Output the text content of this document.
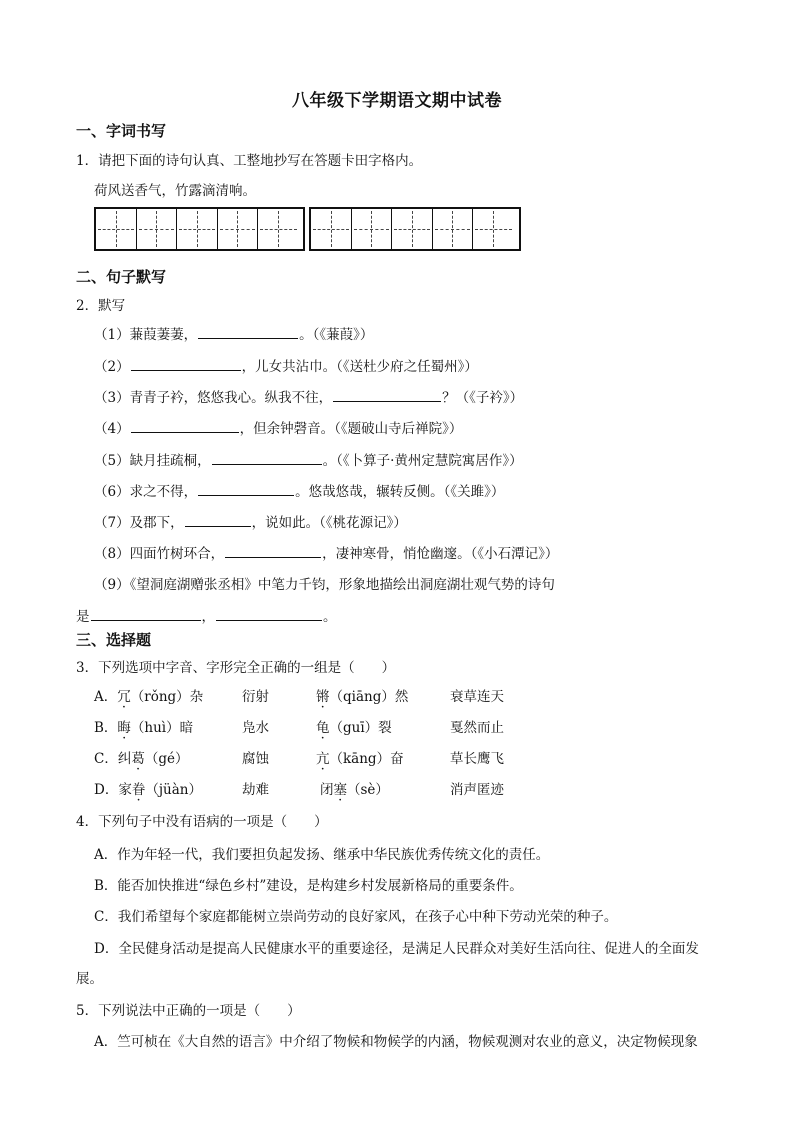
八年级下学期语文期中试卷
一、字词书写
1．请把下面的诗句认真、工整地抄写在答题卡田字格内。
荷风送香气，竹露滴清响。
二、句子默写
2．默写
（1）蒹葭萋萋，	。（《蒹葭》）
（2）	，儿女共沾巾。（《送杜少府之任蜀州》）
（3）青青子衿，悠悠我心。纵我不往，	？（《子衿》）
（4）	，但余钟磬音。（《题破山寺后禅院》）
（5）缺月挂疏桐，	。（《卜算子·黄州定慧院寓居作》）
（6）求之不得，	。悠哉悠哉，辗转反侧。（《关雎》）
（7）及郡下，	，说如此。（《桃花源记》）
（8）四面竹树环合，	，凄神寒骨，悄怆幽邃。（《小石潭记》）
（9）《望洞庭湖赠张丞相》中笔力千钧，形象地描绘出洞庭湖壮观气势的诗句
是	，	。
三、选择题
3．下列选项中字音、字形完全正确的一组是（　　）
A．冗（rǒng）杂	衍射	锵（qiāng）然	衰草连天
B．晦（huì）暗	凫水	龟（guī）裂	戛然而止
C．纠葛（gé）	腐蚀	亢（kāng）奋	草长鹰飞
D．家眷（jüàn）	劫难	闭塞（sè）	消声匿迹
4．下列句子中没有语病的一项是（　　）
A．作为年轻一代，我们要担负起发扬、继承中华民族优秀传统文化的责任。
B．能否加快推进“绿色乡村”建设，是构建乡村发展新格局的重要条件。
C．我们希望每个家庭都能树立崇尚劳动的良好家风，在孩子心中种下劳动光荣的种子。
D．全民健身活动是提高人民健康水平的重要途径，是满足人民群众对美好生活向往、促进人的全面发
展。
5．下列说法中正确的一项是（　　）
A．竺可桢在《大自然的语言》中介绍了物候和物候学的内涵，物候观测对农业的意义，决定物候现象
